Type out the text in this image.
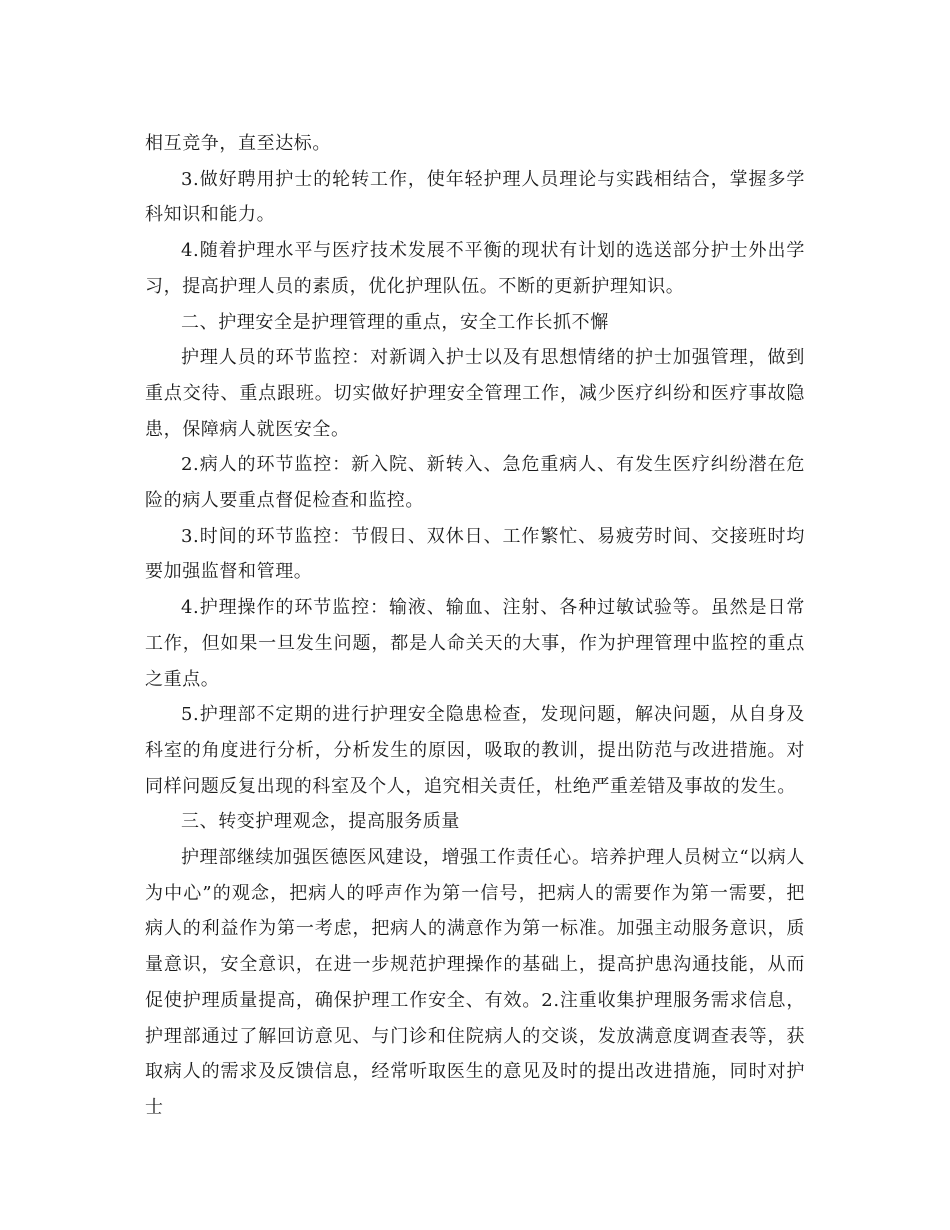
相互竞争，直至达标。

3.做好聘用护士的轮转工作，使年轻护理人员理论与实践相结合，掌握多学科知识和能力。

4.随着护理水平与医疗技术发展不平衡的现状有计划的选送部分护士外出学习，提高护理人员的素质，优化护理队伍。不断的更新护理知识。

二、护理安全是护理管理的重点，安全工作长抓不懈

护理人员的环节监控：对新调入护士以及有思想情绪的护士加强管理，做到重点交待、重点跟班。切实做好护理安全管理工作，减少医疗纠纷和医疗事故隐患，保障病人就医安全。

2.病人的环节监控：新入院、新转入、急危重病人、有发生医疗纠纷潜在危险的病人要重点督促检查和监控。

3.时间的环节监控：节假日、双休日、工作繁忙、易疲劳时间、交接班时均要加强监督和管理。

4.护理操作的环节监控：输液、输血、注射、各种过敏试验等。虽然是日常工作，但如果一旦发生问题，都是人命关天的大事，作为护理管理中监控的重点之重点。

5.护理部不定期的进行护理安全隐患检查，发现问题，解决问题，从自身及科室的角度进行分析，分析发生的原因，吸取的教训，提出防范与改进措施。对同样问题反复出现的科室及个人，追究相关责任，杜绝严重差错及事故的发生。

三、转变护理观念，提高服务质量

护理部继续加强医德医风建设，增强工作责任心。培养护理人员树立“以病人为中心”的观念，把病人的呼声作为第一信号，把病人的需要作为第一需要，把病人的利益作为第一考虑，把病人的满意作为第一标准。加强主动服务意识，质量意识，安全意识，在进一步规范护理操作的基础上，提高护患沟通技能，从而促使护理质量提高，确保护理工作安全、有效。2.注重收集护理服务需求信息，护理部通过了解回访意见、与门诊和住院病人的交谈，发放满意度调查表等，获取病人的需求及反馈信息，经常听取医生的意见及时的提出改进措施，同时对护士
